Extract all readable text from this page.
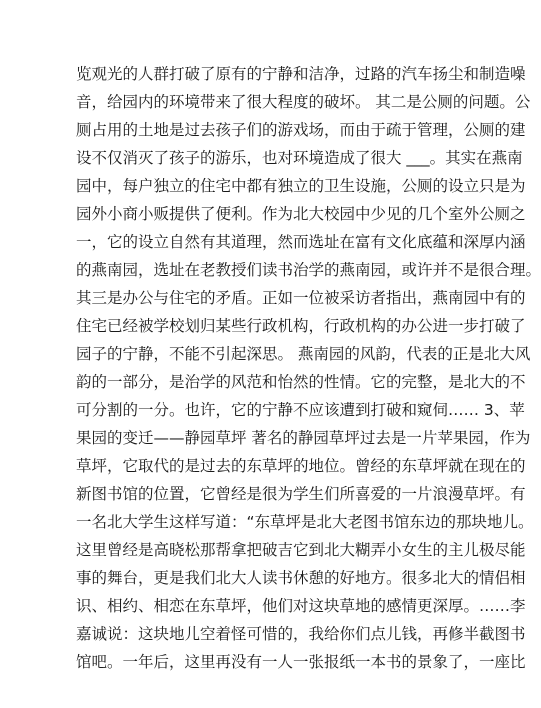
览观光的人群打破了原有的宁静和洁净，过路的汽车扬尘和制造噪
音，给园内的环境带来了很大程度的破坏。 其二是公厕的问题。公
厕占用的土地是过去孩子们的游戏场，而由于疏于管理，公厕的建
设不仅消灭了孩子的游乐，也对环境造成了很大 ___。其实在燕南
园中，每户独立的住宅中都有独立的卫生设施，公厕的设立只是为
园外小商小贩提供了便利。作为北大校园中少见的几个室外公厕之
一，它的设立自然有其道理，然而选址在富有文化底蕴和深厚内涵
的燕南园，选址在老教授们读书治学的燕南园，或许并不是很合理。
其三是办公与住宅的矛盾。正如一位被采访者指出，燕南园中有的
住宅已经被学校划归某些行政机构，行政机构的办公进一步打破了
园子的宁静，不能不引起深思。 燕南园的风韵，代表的正是北大风
韵的一部分，是治学的风范和怡然的性情。它的完整，是北大的不
可分割的一分。也许，它的宁静不应该遭到打破和窥伺…… 3、苹
果园的变迁——静园草坪 著名的静园草坪过去是一片苹果园，作为
草坪，它取代的是过去的东草坪的地位。曾经的东草坪就在现在的
新图书馆的位置，它曾经是很为学生们所喜爱的一片浪漫草坪。有
一名北大学生这样写道：“东草坪是北大老图书馆东边的那块地儿。
这里曾经是高晓松那帮拿把破吉它到北大糊弄小女生的主儿极尽能
事的舞台，更是我们北大人读书休憩的好地方。很多北大的情侣相
识、相约、相恋在东草坪，他们对这块草地的感情更深厚。……李
嘉诚说：这块地儿空着怪可惜的，我给你们点儿钱，再修半截图书
馆吧。一年后，这里再没有一人一张报纸一本书的景象了，一座比
